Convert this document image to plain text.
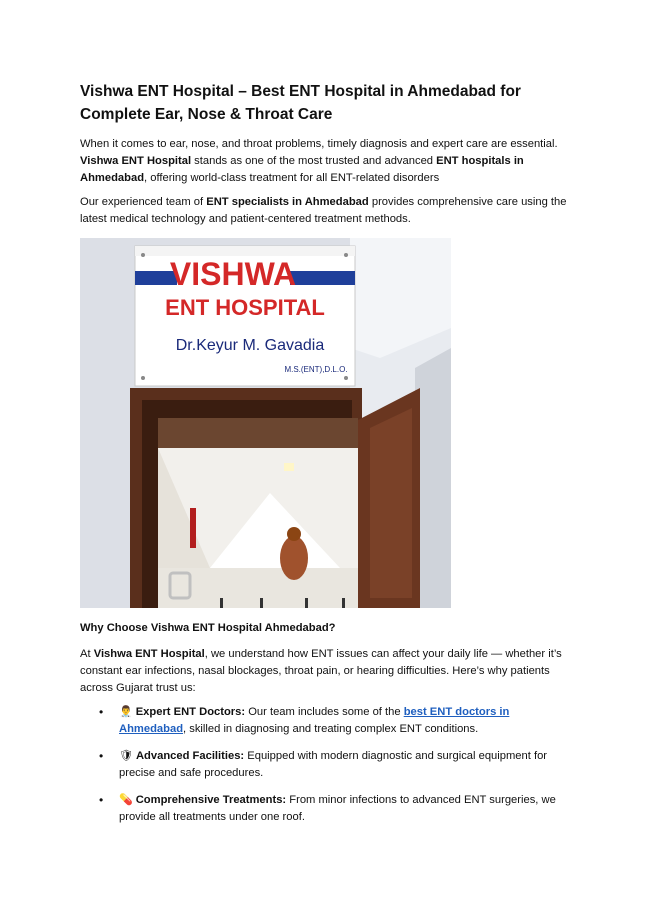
Vishwa ENT Hospital – Best ENT Hospital in Ahmedabad for Complete Ear, Nose & Throat Care

When it comes to ear, nose, and throat problems, timely diagnosis and expert care are essential. Vishwa ENT Hospital stands as one of the most trusted and advanced ENT hospitals in Ahmedabad, offering world-class treatment for all ENT-related disorders

Our experienced team of ENT specialists in Ahmedabad provides comprehensive care using the latest medical technology and patient-centered treatment methods.

VISHWA
ENT HOSPITAL
Dr.Keyur M. Gavadia
M.S.(ENT),D.L.O.
Why Choose Vishwa ENT Hospital Ahmedabad?

At Vishwa ENT Hospital, we understand how ENT issues can affect your daily life — whether it’s constant ear infections, nasal blockages, throat pain, or hearing difficulties. Here’s why patients across Gujarat trust us:

• 👨‍⚕️ Expert ENT Doctors: Our team includes some of the best ENT doctors in Ahmedabad, skilled in diagnosing and treating complex ENT conditions.
• 🛡 Advanced Facilities: Equipped with modern diagnostic and surgical equipment for precise and safe procedures.
• 💊 Comprehensive Treatments: From minor infections to advanced ENT surgeries, we provide all treatments under one roof.
